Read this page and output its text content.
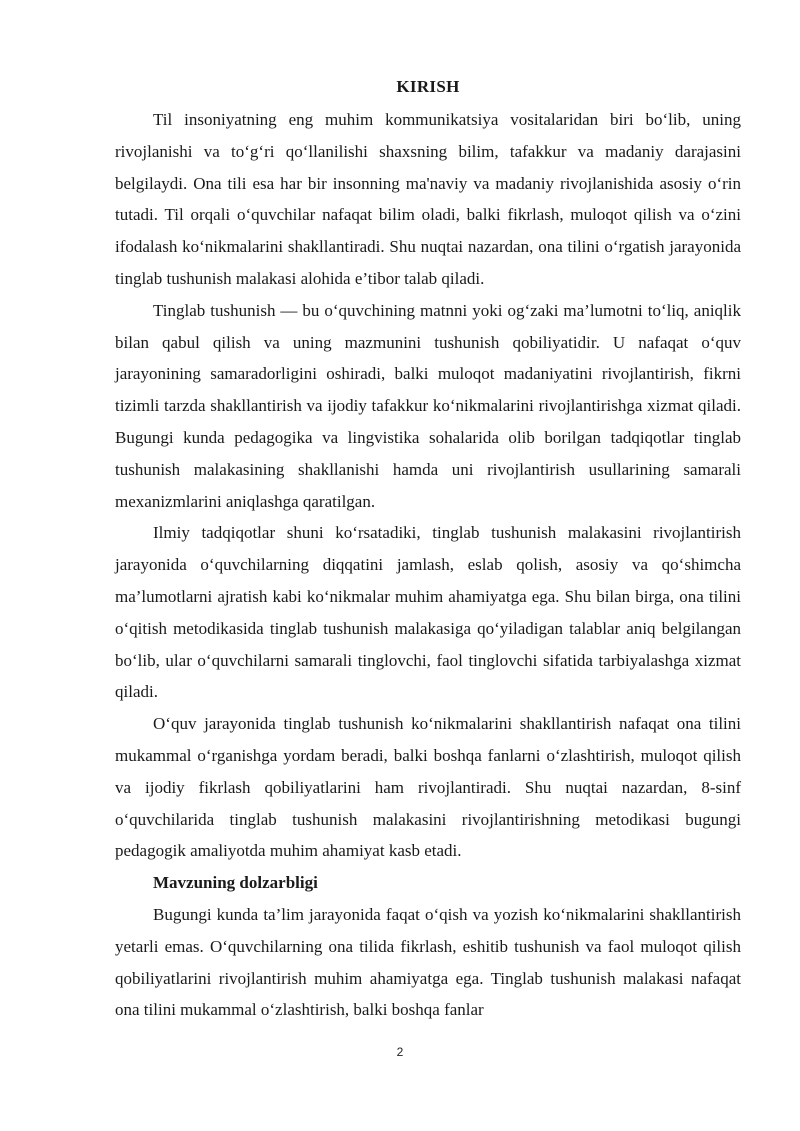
KIRISH

Til insoniyatning eng muhim kommunikatsiya vositalaridan biri bo‘lib, uning rivojlanishi va to‘g‘ri qo‘llanilishi shaxsning bilim, tafakkur va madaniy darajasini belgilaydi. Ona tili esa har bir insonning ma'naviy va madaniy rivojlanishida asosiy o‘rin tutadi. Til orqali o‘quvchilar nafaqat bilim oladi, balki fikrlash, muloqot qilish va o‘zini ifodalash ko‘nikmalarini shakllantiradi. Shu nuqtai nazardan, ona tilini o‘rgatish jarayonida tinglab tushunish malakasi alohida e’tibor talab qiladi.

Tinglab tushunish — bu o‘quvchining matnni yoki og‘zaki ma’lumotni to‘liq, aniqlik bilan qabul qilish va uning mazmunini tushunish qobiliyatidir. U nafaqat o‘quv jarayonining samaradorligini oshiradi, balki muloqot madaniyatini rivojlantirish, fikrni tizimli tarzda shakllantirish va ijodiy tafakkur ko‘nikmalarini rivojlantirishga xizmat qiladi. Bugungi kunda pedagogika va lingvistika sohalarida olib borilgan tadqiqotlar tinglab tushunish malakasining shakllanishi hamda uni rivojlantirish usullarining samarali mexanizmlarini aniqlashga qaratilgan.

Ilmiy tadqiqotlar shuni ko‘rsatadiki, tinglab tushunish malakasini rivojlantirish jarayonida o‘quvchilarning diqqatini jamlash, eslab qolish, asosiy va qo‘shimcha ma’lumotlarni ajratish kabi ko‘nikmalar muhim ahamiyatga ega. Shu bilan birga, ona tilini o‘qitish metodikasida tinglab tushunish malakasiga qo‘yiladigan talablar aniq belgilangan bo‘lib, ular o‘quvchilarni samarali tinglovchi, faol tinglovchi sifatida tarbiyalashga xizmat qiladi.

O‘quv jarayonida tinglab tushunish ko‘nikmalarini shakllantirish nafaqat ona tilini mukammal o‘rganishga yordam beradi, balki boshqa fanlarni o‘zlashtirish, muloqot qilish va ijodiy fikrlash qobiliyatlarini ham rivojlantiradi. Shu nuqtai nazardan, 8-sinf o‘quvchilarida tinglab tushunish malakasini rivojlantirishning metodikasi bugungi pedagogik amaliyotda muhim ahamiyat kasb etadi.

Mavzuning dolzarbligi

Bugungi kunda ta’lim jarayonida faqat o‘qish va yozish ko‘nikmalarini shakllantirish yetarli emas. O‘quvchilarning ona tilida fikrlash, eshitib tushunish va faol muloqot qilish qobiliyatlarini rivojlantirish muhim ahamiyatga ega. Tinglab tushunish malakasi nafaqat ona tilini mukammal o‘zlashtirish, balki boshqa fanlar

2
